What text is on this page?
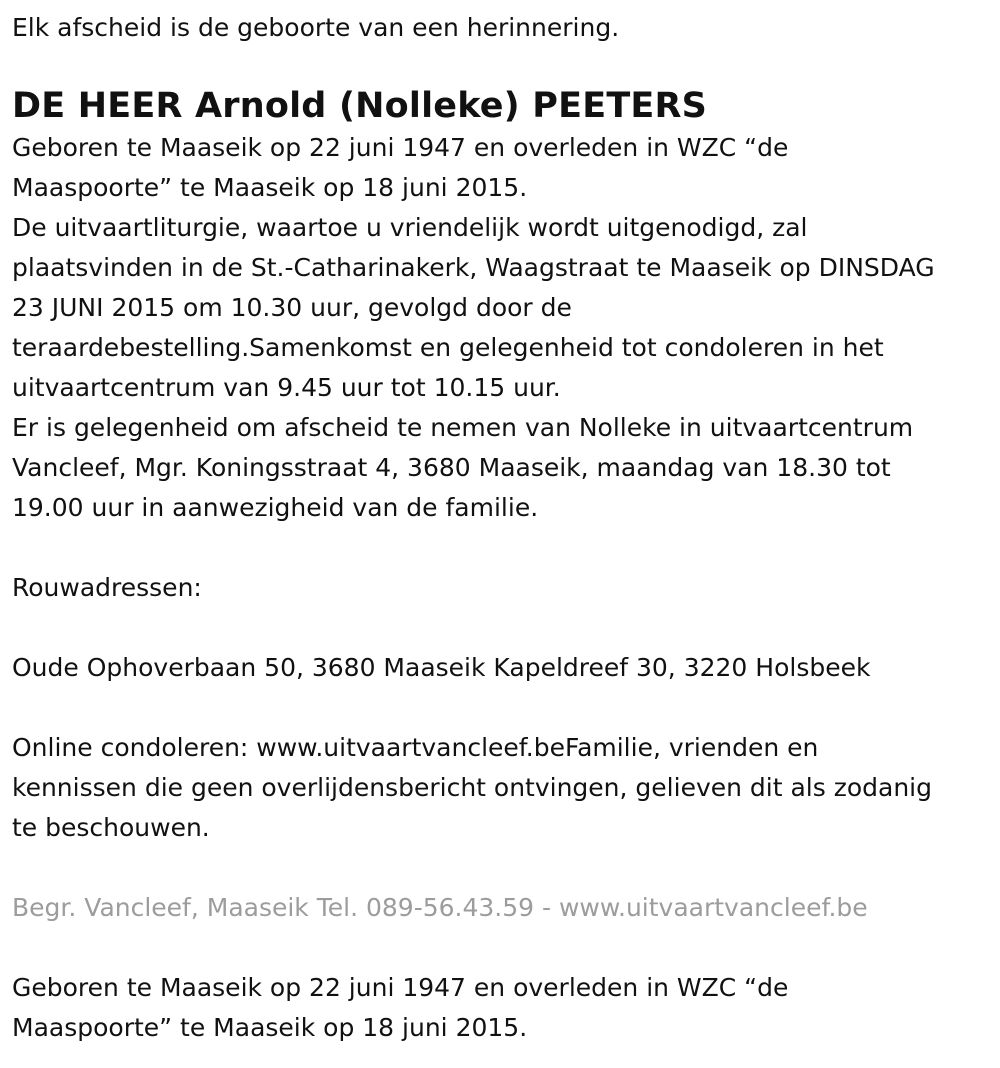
Elk afscheid is de geboorte van een herinnering.

DE HEER Arnold (Nolleke) PEETERS

Geboren te Maaseik op 22 juni 1947 en overleden in WZC “de

Maaspoorte” te Maaseik op 18 juni 2015.

De uitvaartliturgie, waartoe u vriendelijk wordt uitgenodigd, zal

plaatsvinden in de St.-Catharinakerk, Waagstraat te Maaseik op DINSDAG

23 JUNI 2015 om 10.30 uur, gevolgd door de

teraardebestelling.Samenkomst en gelegenheid tot condoleren in het

uitvaartcentrum van 9.45 uur tot 10.15 uur.

Er is gelegenheid om afscheid te nemen van Nolleke in uitvaartcentrum

Vancleef, Mgr. Koningsstraat 4, 3680 Maaseik, maandag van 18.30 tot

19.00 uur in aanwezigheid van de familie.

Rouwadressen:

Oude Ophoverbaan 50, 3680 Maaseik Kapeldreef 30, 3220 Holsbeek

Online condoleren: www.uitvaartvancleef.beFamilie, vrienden en

kennissen die geen overlijdensbericht ontvingen, gelieven dit als zodanig

te beschouwen.

Begr. Vancleef, Maaseik Tel. 089-56.43.59 - www.uitvaartvancleef.be

Geboren te Maaseik op 22 juni 1947 en overleden in WZC “de

Maaspoorte” te Maaseik op 18 juni 2015.
